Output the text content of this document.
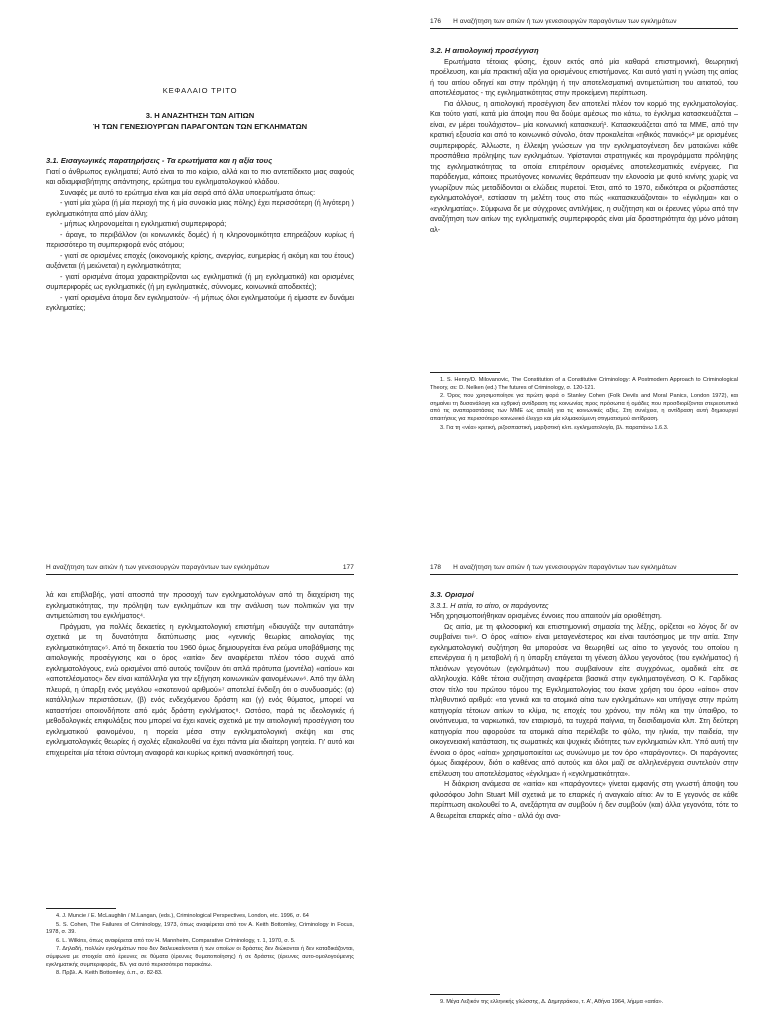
ΚΕΦΑΛΑΙΟ ΤΡΙΤΟ
3. Η ΑΝΑΖΗΤΗΣΗ ΤΩΝ ΑΙΤΙΩΝ
Ή ΤΩΝ ΓΕΝΕΣΙΟΥΡΓΩΝ ΠΑΡΑΓΟΝΤΩΝ ΤΩΝ ΕΓΚΛΗΜΑΤΩΝ

3.1. Εισαγωγικές παρατηρήσεις - Τα ερωτήματα και η αξία τους

Γιατί ο άνθρωπος εγκληματεί; Αυτό είναι το πιο καίριο, αλλά και το πιο αντεπίδεκτο μιας σαφούς και αδιαμφισβήτητης απάντησης, ερώτημα του εγκληματολογικού κλάδου.

Συναφές με αυτό το ερώτημα είναι και μία σειρά από άλλα υποερωτήματα όπως:

- γιατί μία χώρα (ή μία περιοχή της ή μία συνοικία μιας πόλης) έχει περισσότερη (ή λιγότερη ) εγκληματικότητα από μίαν άλλη;

- μήπως κληρονομείται η εγκληματική συμπεριφορά;

- άραγε, το περιβάλλον (οι κοινωνικές δομές) ή η κληρονομικότητα επηρεάζουν κυρίως ή περισσότερο τη συμπεριφορά ενός ατόμου;

- γιατί σε ορισμένες εποχές (οικονομικής κρίσης, ανεργίας, ευημερίας ή ακόμη και του έτους) αυξάνεται (ή μειώνεται) η εγκληματικότητα;

- γιατί ορισμένα άτομα χαρακτηρίζονται ως εγκληματικά (ή μη εγκληματικά) και ορισμένες συμπεριφορές ως εγκληματικές (ή μη εγκληματικές, σύννομες, κοινωνικά αποδεκτές);

- γιατί ορισμένα άτομα δεν εγκληματούν· -ή μήπως όλοι εγκληματούμε ή είμαστε εν δυνάμει εγκληματίες;

176 Η αναζήτηση των αιτιών ή των γενεσιουργών παραγόντων των εγκλημάτων

3.2. Η αιτιολογική προσέγγιση

Ερωτήματα τέτοιας φύσης, έχουν εκτός από μία καθαρά επιστημονική, θεωρητική προέλευση, και μία πρακτική αξία για ορισμένους επιστήμονες. Και αυτό γιατί η γνώση της αιτίας ή του αιτίου οδηγεί και στην πρόληψη ή την αποτελεσματική αντιμετώπιση του αιτιατού, του αποτελέσματος - της εγκληματικότητας στην προκείμενη περίπτωση.

Για άλλους, η αιτιολογική προσέγγιση δεν αποτελεί πλέον τον κορμό της εγκληματολογίας. Και τούτο γιατί, κατά μία άποψη που θα δούμε αμέσως πιο κάτω, το έγκλημα κατασκευάζεται –είναι, εν μέρει τουλάχιστον– μία κοινωνική κατασκευή¹. Κατασκευάζεται από τα ΜΜΕ, από την κρατική εξουσία και από το κοινωνικό σύνολο, όταν προκαλείται «ηθικός πανικός»² με ορισμένες συμπεριφορές. Άλλωστε, η έλλειψη γνώσεων για την εγκληματογένεση δεν ματαιώνει κάθε προσπάθεια πρόληψης των εγκλημάτων. Υφίστανται στρατηγικές και προγράμματα πρόληψης της εγκληματικότητας τα οποία επιτρέπουν ορισμένες αποτελεσματικές ενέργειες. Για παράδειγμα, κάποιες πρωτόγονες κοινωνίες θεράπευαν την ελονοσία με φυτό κινίνης χωρίς να γνωρίζουν πώς μεταδίδονται οι ελώδεις πυρετοί. Έτσι, από το 1970, ειδικότερα οι ριζοσπάστες εγκληματολόγοι³, εστίασαν τη μελέτη τους στο πώς «κατασκευάζονται» το «έγκλημα» και ο «εγκληματίας». Σύμφωνα δε με σύγχρονες αντιλήψεις, η συζήτηση και οι έρευνες γύρω από την αναζήτηση των αιτίων της εγκληματικής συμπεριφοράς είναι μία δραστηριότητα όχι μόνο μάταιη αλ-

1. S. Henry/D. Milovanovic, The Constitution of a Constitutive Criminology: A Postmodern Approach to Criminological Theory, σε: D. Nelken (ed.) The futures of Criminology, σ. 120-121.

2. Όρος που χρησιμοποίησε για πρώτη φορά ο Stanley Cohen (Folk Devils and Moral Panics, London 1972), και σημαίνει τη δυσανάλογη και εχθρική αντίδραση της κοινωνίας προς πρόσωπα ή ομάδες που προσδιορίζονται στερεοτυπικά από τις αναπαραστάσεις των ΜΜΕ ως απειλή για τις κοινωνικές αξίες. Στη συνέχεια, η αντίδραση αυτή δημιουργεί απαιτήσεις για περισσότερο κοινωνικό έλεγχο και μία κλιμακούμενη στιγματισμού αντίδραση.

3. Για τη «νέα» κριτική, ριζοσπαστική, μαρξιστική κλπ. εγκληματολογία, βλ. παραπάνω 1.6.3.

177
Η αναζήτηση των αιτιών ή των γενεσιουργών παραγόντων των εγκλημάτων

λά και επιβλαβής, γιατί αποσπά την προσοχή των εγκληματολόγων από τη διαχείριση της εγκληματικότητας, την πρόληψη των εγκλημάτων και την ανάλυση των πολιτικών για την αντιμετώπιση του εγκλήματος⁴.

Πράγματι, για πολλές δεκαετίες η εγκληματολογική επιστήμη «διαυγάζε την αυταπάτη» σχετικά με τη δυνατότητα διατύπωσης μιας «γενικής θεωρίας αιτιολογίας της εγκληματικότητας»⁵. Από τη δεκαετία του 1960 όμως δημιουργείται ένα ρεύμα υποβάθμισης της αιτιολογικής προσέγγισης και ο όρος «αιτία» δεν αναφέρεται πλέον τόσο συχνά από εγκληματολόγους, ενώ ορισμένοι από αυτούς τονίζουν ότι απλά πρότυπα (μοντέλα) «αιτίου» και «αποτελέσματος» δεν είναι κατάλληλα για την εξήγηση κοινωνικών φαινομένων»⁶. Από την άλλη πλευρά, η ύπαρξη ενός μεγάλου «σκοτεινού αριθμού»⁷ αποτελεί ένδειξη ότι ο συνδυασμός: (α) κατάλληλων περιστάσεων, (β) ενός ενδεχόμενου δράστη και (γ) ενός θύματος, μπορεί να καταστήσει οποιονδήποτε από εμάς δράστη εγκλήματος⁸. Ωστόσο, παρά τις ιδεολογικές ή μεθοδολογικές επιφυλάξεις που μπορεί να έχει κανείς σχετικά με την αιτιολογική προσέγγιση του εγκληματικού φαινομένου, η πορεία μέσα στην εγκληματολογική σκέψη και στις εγκληματολογικές θεωρίες ή σχολές εξακολουθεί να έχει πάντα μία ιδιαίτερη γοητεία. Γι' αυτό και επιχειρείται μία τέτοια σύντομη αναφορά και κυρίως κριτική ανασκόπησή τους.

4. J. Muncie / E. McLaughlin / M.Langan, (eds.), Criminological Perspectives, London, etc. 1996, σ. 64

5. S. Cohen, The Failures of Criminology, 1973, όπως αναφέρεται από τον Α. Keith Bottomley, Criminology in Focus, 1978, σ. 39.

6. L. Wilkins, όπως αναφέρεται από τον H. Mannheim, Comparative Criminology, τ. 1, 1970, σ. 5.

7. Δηλαδή, πολλών εγκλημάτων που δεν διαλευκαίνονται ή των οποίων οι δράστες δεν διώκονται ή δεν καταδικάζονται, σύμφωνα με στοιχεία από έρευνες σε θύματα (έρευνες θυματοποίησης) ή σε δράστες (έρευνες αυτο-ομολογούμενης εγκληματικής συμπεριφοράς, Βλ. για αυτό περισσότερα παρακάτω.

8. Πρβλ. Α. Keith Bottomley, ό.π., σ. 82-83.

178 Η αναζήτηση των αιτιών ή των γενεσιουργών παραγόντων των εγκλημάτων

3.3. Ορισμοί

3.3.1. Η αιτία, το αίτιο, οι παράγοντες

Ήδη χρησιμοποιήθηκαν ορισμένες έννοιες που απαιτούν μία οριοθέτηση.

Ως αιτία, με τη φιλοσοφική και επιστημονική σημασία της λέξης, ορίζεται «ο λόγος δι' ον συμβαίνει τι»⁹. Ο όρος «αίτιο» είναι μεταγενέστερος και είναι ταυτόσημος με την αιτία. Στην εγκληματολογική συζήτηση θα μπορούσε να θεωρηθεί ως αίτιο το γεγονός του οποίου η επενέργεια ή η μεταβολή ή η ύπαρξη επάγεται τη γένεση άλλου γεγονότος (του εγκλήματος) ή πλειόνων γεγονότων (εγκλημάτων) που συμβαίνουν είτε συγχρόνως, ομαδικά είτε σε αλληλουχία. Κάθε τέτοια συζήτηση αναφέρεται βασικά στην εγκληματογένεση. Ο Κ. Γαρδίκας στον τίτλο του πρώτου τόμου της Εγκληματολογίας του έκανε χρήση του όρου «αίτιο» στον πληθυντικό αριθμό: «τα γενικά και τα ατομικά αίτια των εγκλημάτων» και υπήγαγε στην πρώτη κατηγορία τέτοιων αιτίων το κλίμα, τις εποχές του χρόνου, την πόλη και την ύπαιθρο, το οινόπνευμα, τα ναρκωτικά, τον εταιρισμό, τα τυχερά παίγνια, τη δεισιδαιμονία κλπ. Στη δεύτερη κατηγορία που αφορούσε τα ατομικά αίτια περιέλαβε το φύλο, την ηλικία, την παιδεία, την οικογενειακή κατάσταση, τις σωματικές και ψυχικές ιδιότητες των εγκληματιών κλπ. Υπό αυτή την έννοια ο όρος «αίτια» χρησιμοποιείται ως συνώνυμο με τον όρο «παράγοντες». Οι παράγοντες όμως διαφέρουν, διότι ο καθένας από αυτούς και όλοι μαζί σε αλληλενέργεια συντελούν στην επέλευση του αποτελέσματος «έγκλημα» ή «εγκληματικότητα».

Η διάκριση ανάμεσα σε «αιτία» και «παράγοντες» γίνεται εμφανής στη γνωστή άποψη του φιλοσόφου John Stuart Mill σχετικά με το επαρκές ή αναγκαίο αίτιο: Αν το Ε γεγονός σε κάθε περίπτωση ακολουθεί το Α, ανεξάρτητα αν συμβούν ή δεν συμβούν (και) άλλα γεγονότα, τότε το Α θεωρείται επαρκές αίτιο - αλλά όχι ανα-

9. Μέγα Λεξικόν της ελληνικής γλώσσης, Δ. Δημητράκου, τ. Α', Αθήνα 1964, λήμμα «αιτία».
